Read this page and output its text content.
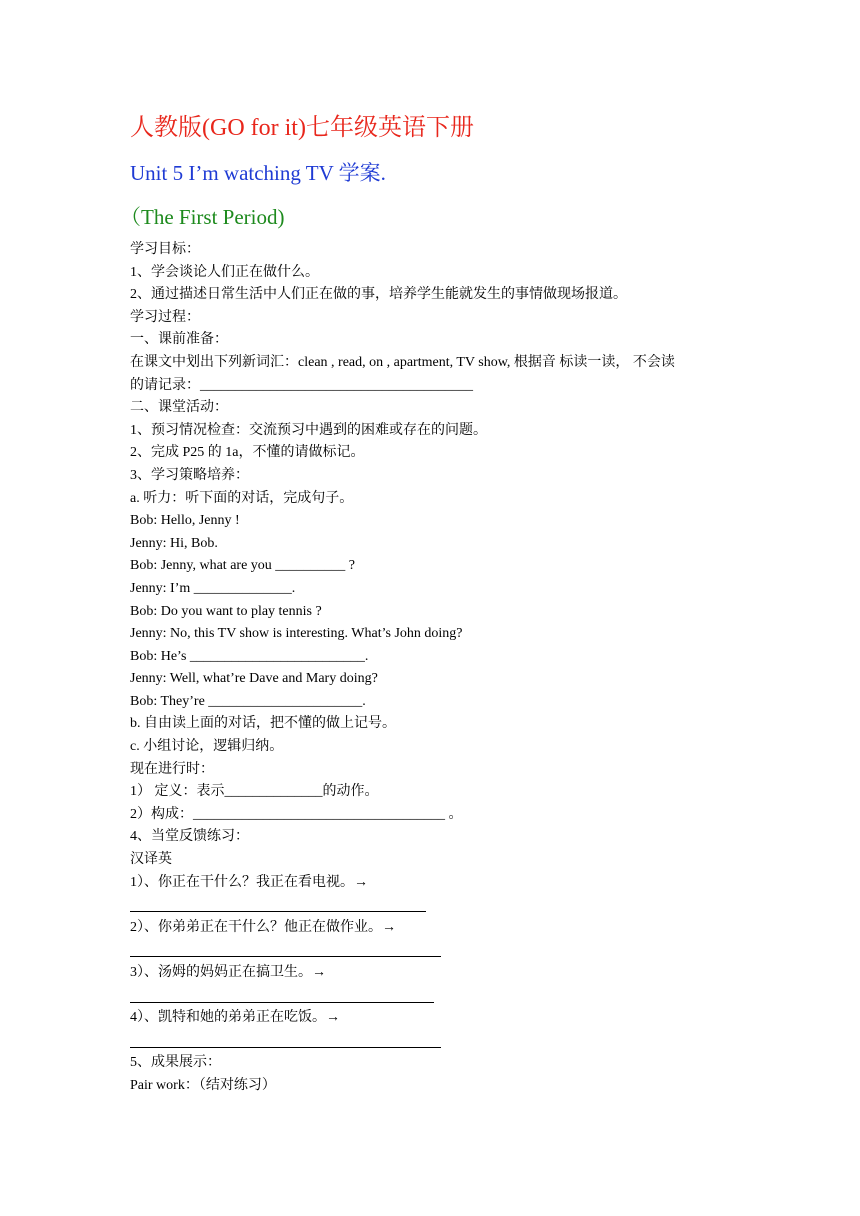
人教版(GO for it)七年级英语下册
Unit 5 I’m watching TV 学案.
（The First Period)
学习目标：
1、学会谈论人们正在做什么。
2、通过描述日常生活中人们正在做的事，培养学生能就发生的事情做现场报道。
学习过程：
一、课前准备：
在课文中划出下列新词汇：clean , read, on , apartment, TV show, 根据音 标读一读， 不会读
的请记录：_______________________________________
二、课堂活动：
1、预习情况检查：交流预习中遇到的困难或存在的问题。
2、完成 P25 的 1a，不懂的请做标记。
3、学习策略培养：
a. 听力：听下面的对话，完成句子。
Bob: Hello, Jenny !
Jenny: Hi, Bob.
Bob: Jenny, what are you __________ ?
Jenny: I’m ______________.
Bob: Do you want to play tennis ?
Jenny: No, this TV show is interesting. What’s John doing?
Bob: He’s _________________________.
Jenny: Well, what’re Dave and Mary doing?
Bob: They’re ______________________.
b. 自由读上面的对话，把不懂的做上记号。
c. 小组讨论，逻辑归纳。
现在进行时：
1） 定义：表示______________的动作。
2）构成：____________________________________ 。
4、当堂反馈练习：
汉译英
1）、你正在干什么？我正在看电视。→
2）、你弟弟正在干什么？他正在做作业。→
3）、汤姆的妈妈正在搞卫生。→
4）、凯特和她的弟弟正在吃饭。→
5、成果展示：
Pair work：（结对练习）
